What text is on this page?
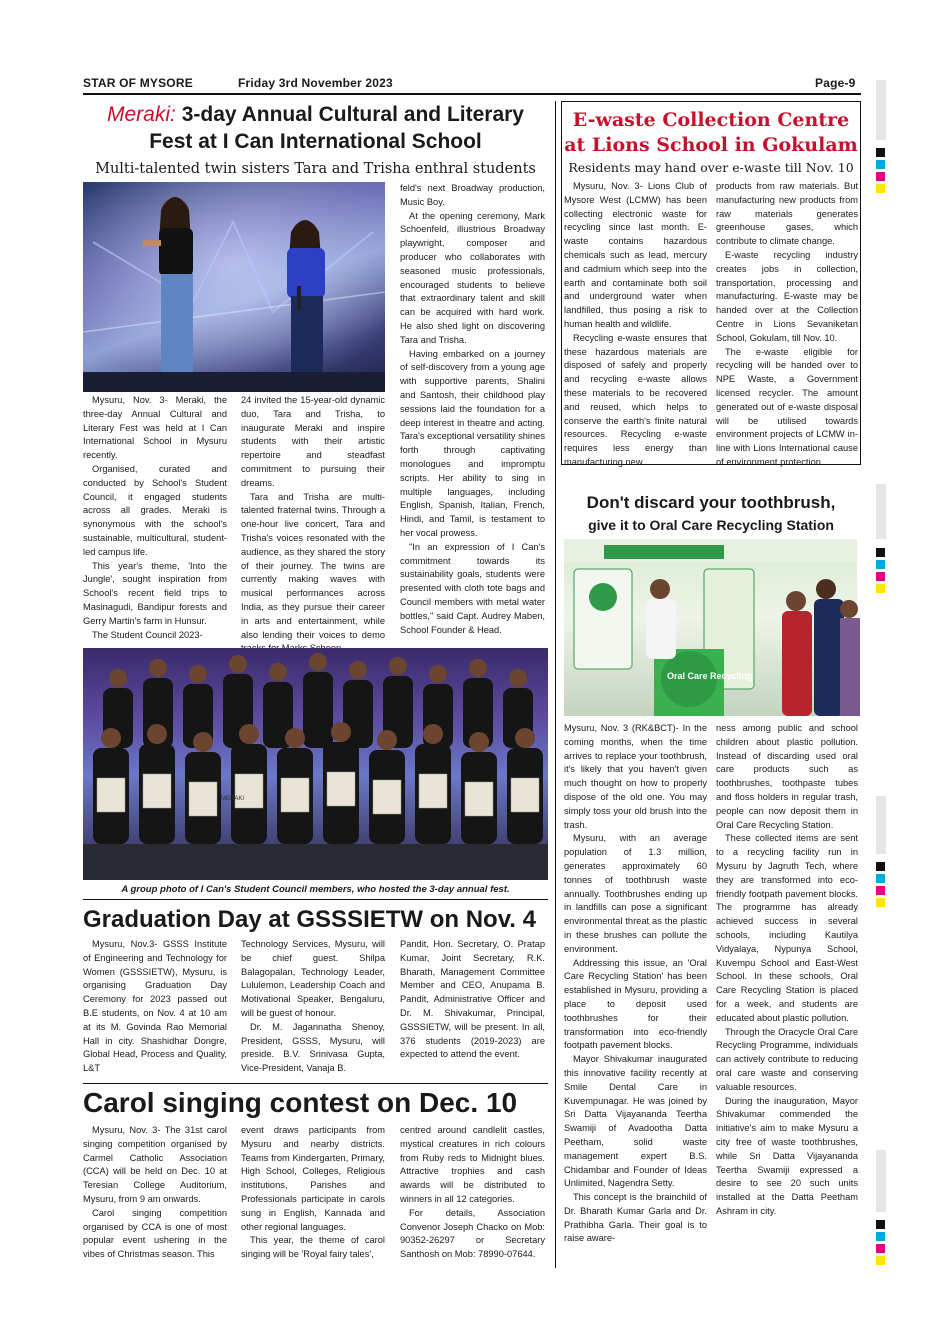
STAR OF MYSORE	Friday 3rd November 2023	Page-9
Meraki: 3-day Annual Cultural and Literary
Fest at I Can International School
Multi-talented twin sisters Tara and Trisha enthral students

Mysuru, Nov. 3- Meraki, the three-day Annual Cultural and Literary Fest was held at I Can International School in Mysuru recently.

Organised, curated and conducted by School's Student Council, it engaged students across all grades. Meraki is synonymous with the school's sustainable, multicultural, student-led campus life.

This year's theme, 'Into the Jungle', sought inspiration from School's recent field trips to Masinagudi, Bandipur forests and Gerry Martin's farm in Hunsur.

The Student Council 2023-

24 invited the 15-year-old dynamic duo, Tara and Trisha, to inaugurate Meraki and inspire students with their artistic repertoire and steadfast commitment to pursuing their dreams.

Tara and Trisha are multi-talented fraternal twins. Through a one-hour live concert, Tara and Trisha's voices resonated with the audience, as they shared the story of their journey. The twins are currently making waves with musical performances across India, as they pursue their career in arts and entertainment, while also lending their voices to demo

feld's next Broadway production, Music Boy.

At the opening ceremony, Mark Schoenfeld, illustrious Broadway playwright, composer and producer who collaborates with seasoned music professionals, encouraged students to believe that extraordinary talent and skill can be acquired with hard work. He also shed light on discovering Tara and Trisha.

Having embarked on a journey of self-discovery from a young age with supportive parents, Shalini and Santosh, their childhood play sessions laid the foundation for a deep interest in theatre and acting. Tara's exceptional versatility shines forth through captivating monologues and impromptu scripts. Her ability to sing in multiple languages, including English, Spanish, Italian, French, Hindi, and Tamil, is testament to her vocal prowess.

"In an expression of I Can's commitment towards its sustainability goals, students were presented with cloth tote bags and Council members with metal water bottles," said Capt. Audrey Maben, School Founder & Head.

MERAKI
A group photo of I Can's Student Council members, who hosted the 3-day annual fest.
Graduation Day at GSSSIETW on Nov. 4

Mysuru, Nov.3- GSSS Institute of Engineering and Technology for Women (GSSSIETW), Mysuru, is organising Graduation Day Ceremony for 2023 passed out B.E students, on Nov. 4 at 10 am at its M. Govinda Rao Memorial Hall in city. Shashidhar Dongre, Global Head, Process and Quality, L&T

Technology Services, Mysuru, will be chief guest. Shilpa Balagopalan, Technology Leader, Lululemon, Leadership Coach and Motivational Speaker, Bengaluru, will be guest of honour.

Dr. M. Jagannatha Shenoy, President, GSSS, Mysuru, will preside. B.V. Srinivasa Gupta, Vice-President, Vanaja B.

Pandit, Hon. Secretary, O. Pratap Kumar, Joint Secretary, R.K. Bharath, Management Committee Member and CEO, Anupama B. Pandit, Administrative Officer and Dr. M. Shivakumar, Principal, GSSSIETW, will be present. In all, 376 students (2019-2023) are expected to attend the event.

Carol singing contest on Dec. 10

Mysuru, Nov. 3- The 31st carol singing competition organised by Carmel Catholic Association (CCA) will be held on Dec. 10 at Teresian College Auditorium, Mysuru, from 9 am onwards.

Carol singing competition organised by CCA is one of most popular event ushering in the vibes of Christmas season. This

event draws participants from Mysuru and nearby districts. Teams from Kindergarten, Primary, High School, Colleges, Religious institutions, Parishes and Professionals participate in carols sung in English, Kannada and other regional languages.

This year, the theme of carol singing will be 'Royal fairy tales',

centred around candlelit castles, mystical creatures in rich colours from Ruby reds to Midnight blues. Attractive trophies and cash awards will be distributed to winners in all 12 categories.

For details, Association Convenor Joseph Chacko on Mob: 90352-26297 or Secretary Santhosh on Mob: 78990-07644.

E-waste Collection Centre
at Lions School in Gokulam
Residents may hand over e-waste till Nov. 10

Mysuru, Nov. 3- Lions Club of Mysore West (LCMW) has been collecting electronic waste for recycling since last month. E-waste contains hazardous chemicals such as lead, mercury and cadmium which seep into the earth and contaminate both soil and underground water when landfilled, thus posing a risk to human health and wildlife.

Recycling e-waste ensures that these hazardous materials are disposed of safely and properly and recycling e-waste allows these materials to be recovered and reused, which helps to conserve the earth's finite natural resources. Recycling e-waste requires less energy than manufacturing new

products from raw materials. But manufacturing new products from raw materials generates greenhouse gases, which contribute to climate change.

E-waste recycling industry creates jobs in collection, transportation, processing and manufacturing. E-waste may be handed over at the Collection Centre in Lions Sevaniketan School, Gokulam, till Nov. 10.

The e-waste eligible for recycling will be handed over to NPE Waste, a Government licensed recycler. The amount generated out of e-waste disposal will be utilised towards environment projects of LCMW in-line with Lions International cause of environment protection.

Don't discard your toothbrush,
give it to Oral Care Recycling Station
Oral Care Recycling

Mysuru, Nov. 3 (RK&BCT)- In the coming months, when the time arrives to replace your toothbrush, it's likely that you haven't given much thought on how to properly dispose of the old one. You may simply toss your old brush into the trash.

Mysuru, with an average population of 1.3 million, generates approximately 60 tonnes of toothbrush waste annually. Toothbrushes ending up in landfills can pose a significant environmental threat as the plastic in these brushes can pollute the environment.

Addressing this issue, an 'Oral Care Recycling Station' has been established in Mysuru, providing a place to deposit used toothbrushes for their transformation into eco-friendly footpath pavement blocks.

Mayor Shivakumar inaugurated this innovative facility recently at Smile Dental Care in Kuvempunagar. He was joined by Sri Datta Vijayananda Teertha Swamiji of Avadootha Datta Peetham, solid waste management expert B.S. Chidambar and Founder of Ideas Unlimited, Nagendra Setty.

This concept is the brainchild of Dr. Bharath Kumar Garla and Dr. Prathibha Garla. Their goal is to raise aware-

ness among public and school children about plastic pollution. Instead of discarding used oral care products such as toothbrushes, toothpaste tubes and floss holders in regular trash, people can now deposit them in Oral Care Recycling Station.

These collected items are sent to a recycling facility run in Mysuru by Jagruth Tech, where they are transformed into eco-friendly footpath pavement blocks. The programme has already achieved success in several schools, including Kautilya Vidyalaya, Nypunya School, Kuvempu School and East-West School. In these schools, Oral Care Recycling Station is placed for a week, and students are educated about plastic pollution.

Through the Oracycle Oral Care Recycling Programme, individuals can actively contribute to reducing oral care waste and conserving valuable resources.

During the inauguration, Mayor Shivakumar commended the initiative's aim to make Mysuru a city free of waste toothbrushes, while Sri Datta Vijayananda Teertha Swamiji expressed a desire to see 20 such units installed at the Datta Peetham Ashram in city.
